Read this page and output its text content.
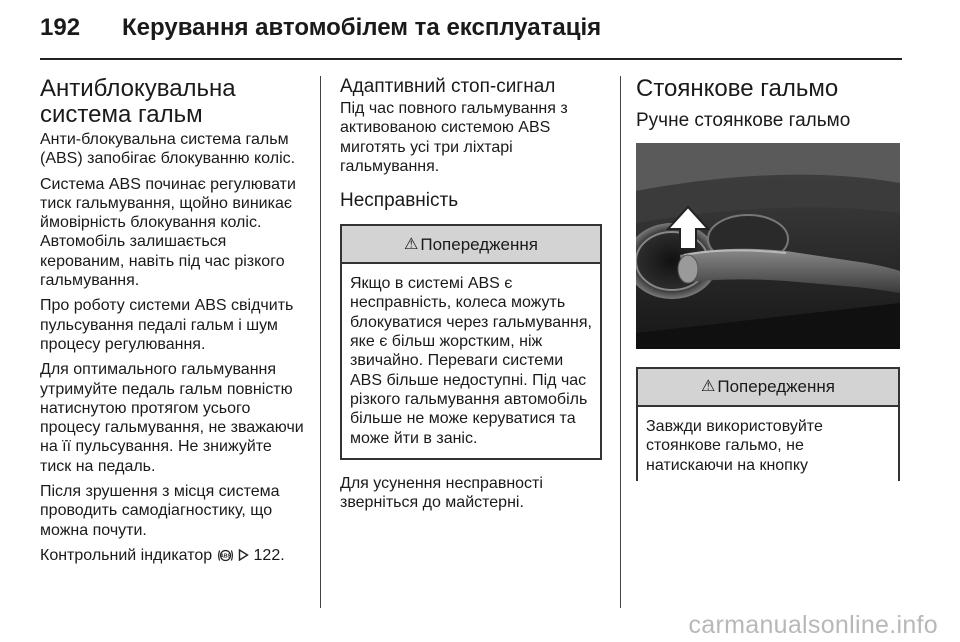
192 Керування автомобілем та експлуатація
Антиблокувальна система гальм

Анти-блокувальна система гальм (ABS) запобігає блокуванню коліс.

Система ABS починає регулювати тиск гальмування, щойно виникає ймовірність блокування коліс. Автомобіль залишається керованим, навіть під час різкого гальмування.

Про роботу системи ABS свідчить пульсування педалі гальм і шум процесу регулювання.

Для оптимального гальмування утримуйте педаль гальм повністю натиснутою протягом усього процесу гальмування, не зважаючи на її пульсування. Не знижуйте тиск на педаль.

Після зрушення з місця система проводить самодіагностику, що можна почути.

Контрольний індикатор ABS 122.

Адаптивний стоп-сигнал

Під час повного гальмування з активованою системою ABS миготять усі три ліхтарі гальмування.

Несправність
⚠ Попередження
Якщо в системі ABS є несправність, колеса можуть блокуватися через гальмування, яке є більш жорстким, ніж звичайно. Переваги системи ABS більше недоступні. Під час різкого гальмування автомобіль більше не може керуватися та може йти в заніс.

Для усунення несправності зверніться до майстерні.

Стоянкове гальмо
Ручне стоянкове гальмо
⚠ Попередження
Завжди використовуйте стоянкове гальмо, не натискаючи на кнопку
carmanualsonline.info
